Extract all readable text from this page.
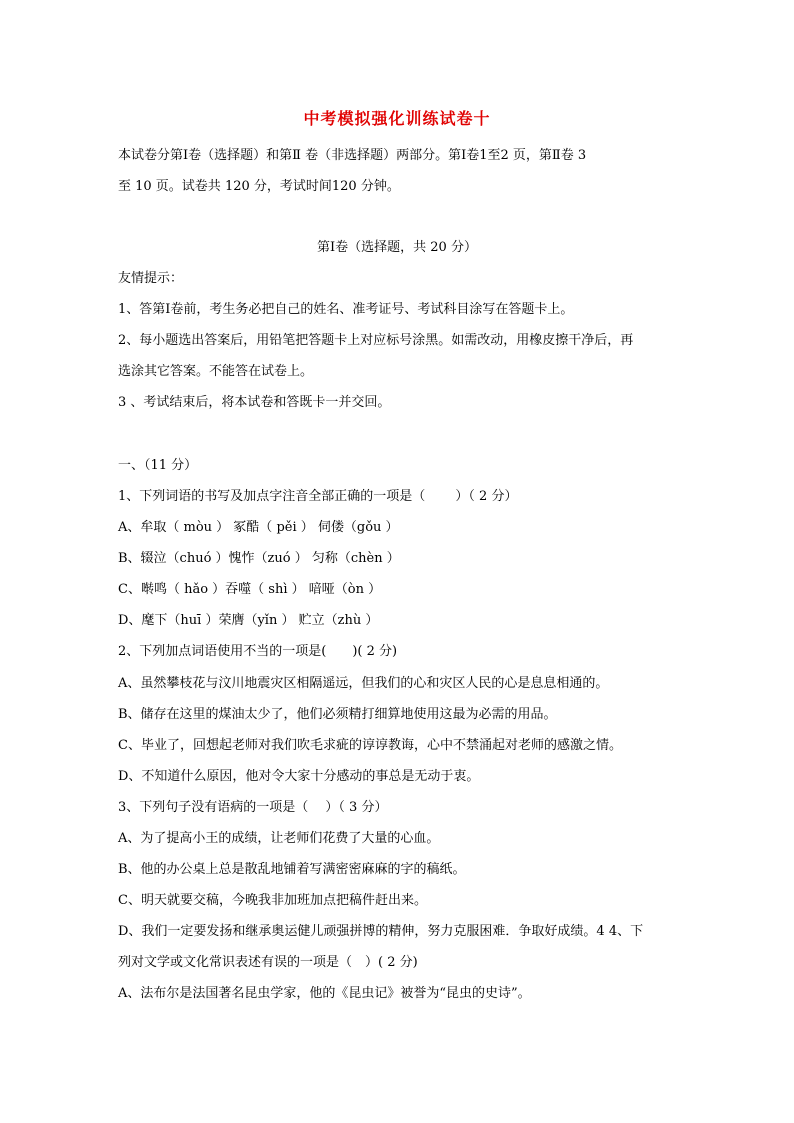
中考模拟强化训练试卷十
本试卷分第Ⅰ卷（选择题）和第Ⅱ 卷（非选择题）两部分。第Ⅰ卷1至2 页，第Ⅱ卷 3
至 10 页。试卷共 120 分，考试时间120 分钟。
第Ⅰ卷（选择题，共 20 分）
友情提示：
1、答第Ⅰ卷前，考生务必把自己的姓名、准考证号、考试科目涂写在答题卡上。
2、每小题选出答案后，用铅笔把答题卡上对应标号涂黑。如需改动，用橡皮擦干净后，再
选涂其它答案。不能答在试卷上。
3 、考试结束后，将本试卷和答既卡一并交回。
一、（11 分）
1、下列词语的书写及加点字注音全部正确的一项是（　　 ）（ 2 分）
A、牟取（ mòu ） 冢酷（ pěi ） 伺偻（gǒu ）
B、辍泣（chuó ）愧怍（zuó ） 匀称（chèn ）
C、啭鸣（ hǎo ）吞噬（ shì ） 喑哑（òn ）
D、麾下（huī ）荣膺（yǐn ） 贮立（zhù ）
2、下列加点词语使用不当的一项是(　　)( 2 分)
A、虽然攀枝花与汶川地震灾区相隔遥远，但我们的心和灾区人民的心是息息相通的。
B、储存在这里的煤油太少了，他们必须精打细算地使用这最为必需的用品。
C、毕业了，回想起老师对我们吹毛求疵的谆谆教诲，心中不禁涌起对老师的感激之情。
D、不知道什么原因，他对令大家十分感动的事总是无动于衷。
3、下列句子没有语病的一项是（　 ）（ 3 分）
A、为了提高小王的成绩，让老师们花费了大量的心血。
B、他的办公桌上总是散乱地铺着写满密密麻麻的字的稿纸。
C、明天就要交稿，今晚我非加班加点把稿件赶出来。
D、我们一定要发扬和继承奥运健儿顽强拼博的精伸，努力克服困难．争取好成绩。4 4、下
列对文学或文化常识表述有误的一项是（　）( 2 分)
A、法布尔是法国著名昆虫学家，他的《昆虫记》被誉为“昆虫的史诗”。
